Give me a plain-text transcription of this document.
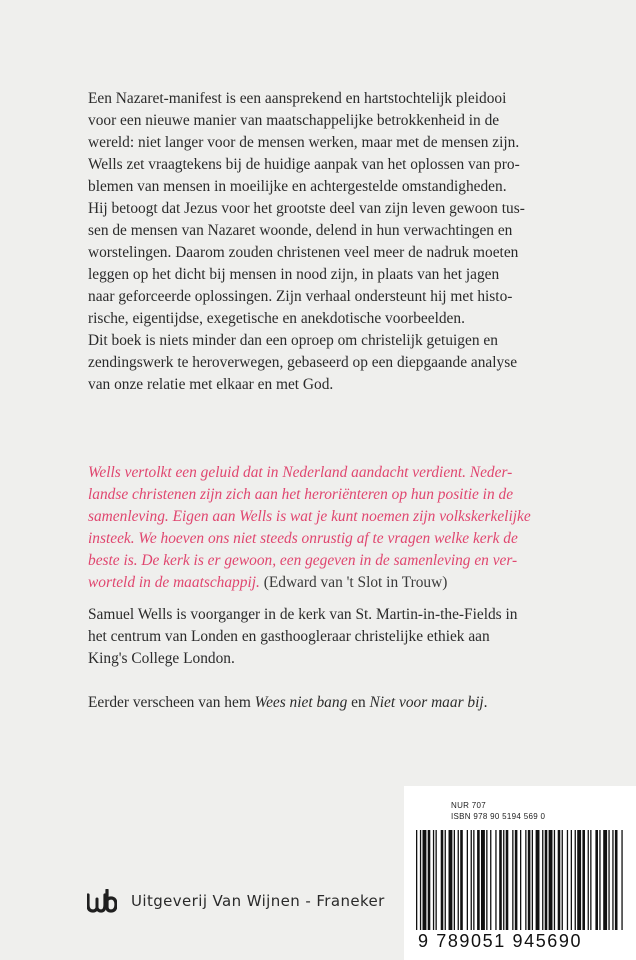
Een Nazaret-manifest is een aansprekend en hartstochtelijk pleidooi
voor een nieuwe manier van maatschappelijke betrokkenheid in de
wereld: niet langer voor de mensen werken, maar met de mensen zijn.
Wells zet vraagtekens bij de huidige aanpak van het oplossen van pro-
blemen van mensen in moeilijke en achtergestelde omstandigheden.
Hij betoogt dat Jezus voor het grootste deel van zijn leven gewoon tus-
sen de mensen van Nazaret woonde, delend in hun verwachtingen en
worstelingen. Daarom zouden christenen veel meer de nadruk moeten
leggen op het dicht bij mensen in nood zijn, in plaats van het jagen
naar geforceerde oplossingen. Zijn verhaal ondersteunt hij met histo-
rische, eigentijdse, exegetische en anekdotische voorbeelden.
Dit boek is niets minder dan een oproep om christelijk getuigen en
zendingswerk te heroverwegen, gebaseerd op een diepgaande analyse
van onze relatie met elkaar en met God.
Wells vertolkt een geluid dat in Nederland aandacht verdient. Neder-
landse christenen zijn zich aan het heroriënteren op hun positie in de
samenleving. Eigen aan Wells is wat je kunt noemen zijn volkskerkelijke
insteek. We hoeven ons niet steeds onrustig af te vragen welke kerk de
beste is. De kerk is er gewoon, een gegeven in de samenleving en ver-
worteld in de maatschappij. (Edward van 't Slot in Trouw)
Samuel Wells is voorganger in de kerk van St. Martin-in-the-Fields in
het centrum van Londen en gasthoogleraar christelijke ethiek aan
King's College London.
Eerder verscheen van hem Wees niet bang en Niet voor maar bij.
Uitgeverij Van Wijnen - Franeker
NUR 707
ISBN 978 90 5194 569 0
9 789051 945690
